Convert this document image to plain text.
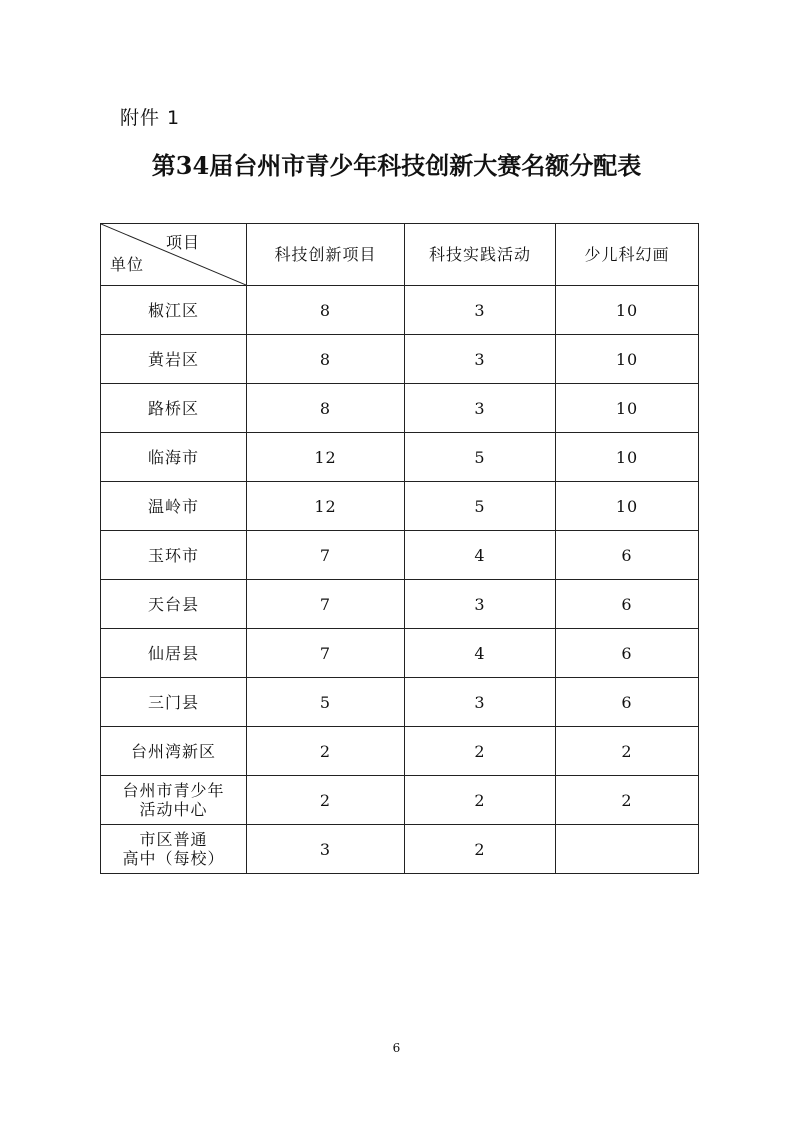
附件 1
第34届台州市青少年科技创新大赛名额分配表
项目
单位	科技创新项目	科技实践活动	少儿科幻画
椒江区	8	3	10
黄岩区	8	3	10
路桥区	8	3	10
临海市	12	5	10
温岭市	12	5	10
玉环市	7	4	6
天台县	7	3	6
仙居县	7	4	6
三门县	5	3	6
台州湾新区	2	2	2

台州市青少年
活动中心	2	2	2

市区普通
高中（每校）	3	2	
6
